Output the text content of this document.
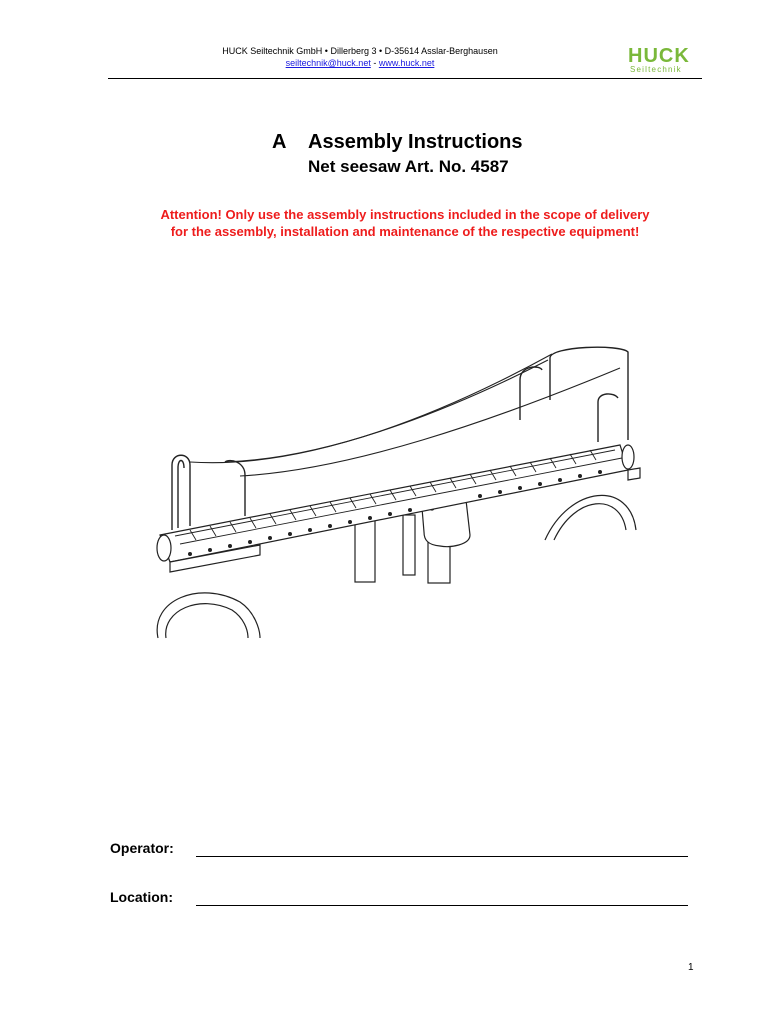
HUCK Seiltechnik GmbH • Dillerberg 3 • D-35614 Asslar-Berghausen
seiltechnik@huck.net - www.huck.net	HUCK
Seiltechnik
A Assembly Instructions
Net seesaw Art. No. 4587
Attention! Only use the assembly instructions included in the scope of delivery
for the assembly, installation and maintenance of the respective equipment!
Operator:
Location:
1
